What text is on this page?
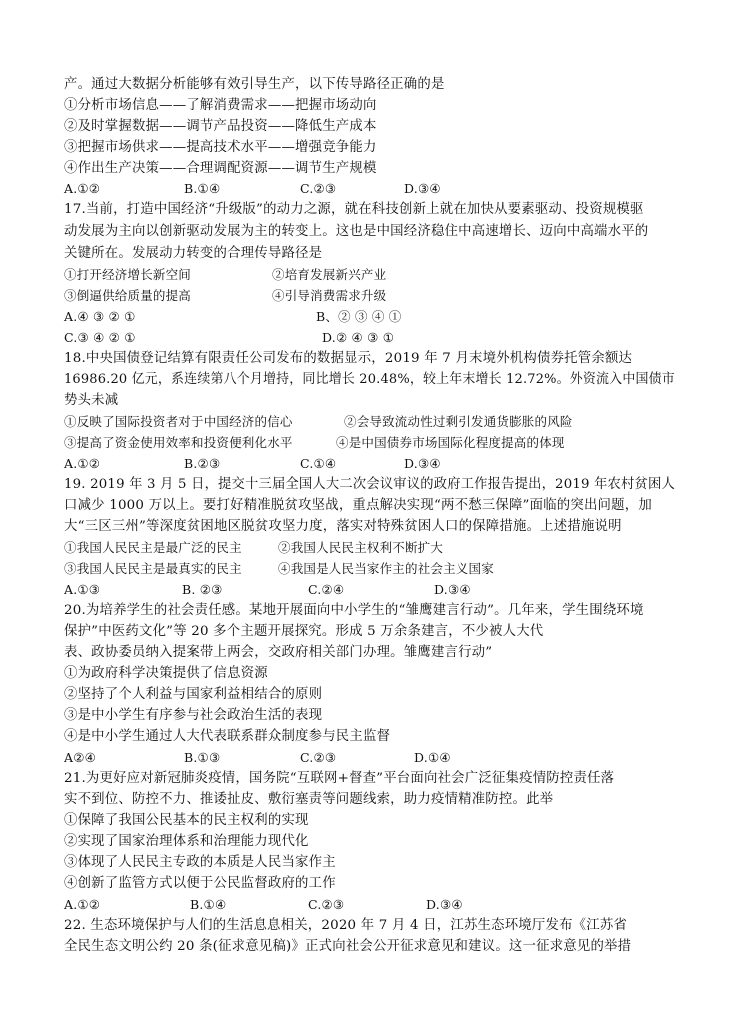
产。通过大数据分析能够有效引导生产，以下传导路径正确的是
①分析市场信息——了解消费需求——把握市场动向
②及时掌握数据——调节产品投资——降低生产成本
③把握市场供求——提高技术水平——增强竞争能力
④作出生产决策——合理调配资源——调节生产规模
A.①②	B.①④	C.②③	D.③④
17.当前，打造中国经济“升级版”的动力之源，就在科技创新上就在加快从要素驱动、投资规模驱
动发展为主向以创新驱动发展为主的转变上。这也是中国经济稳住中高速增长、迈向中高端水平的
关键所在。发展动力转变的合理传导路径是
①打开经济增长新空间	②培育发展新兴产业
③倒逼供给质量的提高	④引导消费需求升级
A.④ ③ ② ①	B、② ③ ④ ①
C.③ ④ ② ①	D.② ④ ③ ①
18.中央国债登记结算有限责任公司发布的数据显示，2019 年 7 月末境外机构债券托管余额达
16986.20 亿元，系连续第八个月增持，同比增长 20.48%，较上年末增长 12.72%。外资流入中国债市
势头未减
①反映了国际投资者对于中国经济的信心	②会导致流动性过剩引发通货膨胀的风险
③提高了资金使用效率和投资便利化水平	④是中国债券市场国际化程度提高的体现
A.①②	B.②③	C.①④	D.③④
19. 2019 年 3 月 5 日，提交十三届全国人大二次会议审议的政府工作报告提出，2019 年农村贫困人
口减少 1000 万以上。要打好精准脱贫攻坚战，重点解决实现“两不愁三保障”面临的突出问题，加
大“三区三州”等深度贫困地区脱贫攻坚力度，落实对特殊贫困人口的保障措施。上述措施说明
①我国人民民主是最广泛的民主	②我国人民民主权利不断扩大
③我国人民民主是最真实的民主	④我国是人民当家作主的社会主义国家
A.①③	B. ②③	C.②④	D.③④
20.为培养学生的社会责任感。某地开展面向中小学生的“雏鹰建言行动”。几年来，学生围绕环境
保护”中医药文化”等 20 多个主题开展探究。形成 5 万余条建言，不少被人大代
表、政协委员纳入提案带上两会，交政府相关部门办理。雏鹰建言行动”
①为政府科学决策提供了信息资源
②坚持了个人利益与国家利益相结合的原则
③是中小学生有序参与社会政治生活的表现
④是中小学生通过人大代表联系群众制度参与民主监督
A②④	B.①③	C.②③	D.①④
21.为更好应对新冠肺炎疫情，国务院“互联网+督查”平台面向社会广泛征集疫情防控责任落
实不到位、防控不力、推诿扯皮、敷衍塞责等问题线索，助力疫情精准防控。此举
①保障了我国公民基本的民主权利的实现
②实现了国家治理体系和治理能力现代化
③体现了人民民主专政的本质是人民当家作主
④创新了监管方式以便于公民监督政府的工作
A.①②	B.①④	C.②③	D.③④
22. 生态环境保护与人们的生活息息相关，2020 年 7 月 4 日，江苏生态环境厅发布《江苏省
全民生态文明公约 20 条(征求意见稿)》正式向社会公开征求意见和建议。这一征求意见的举措
